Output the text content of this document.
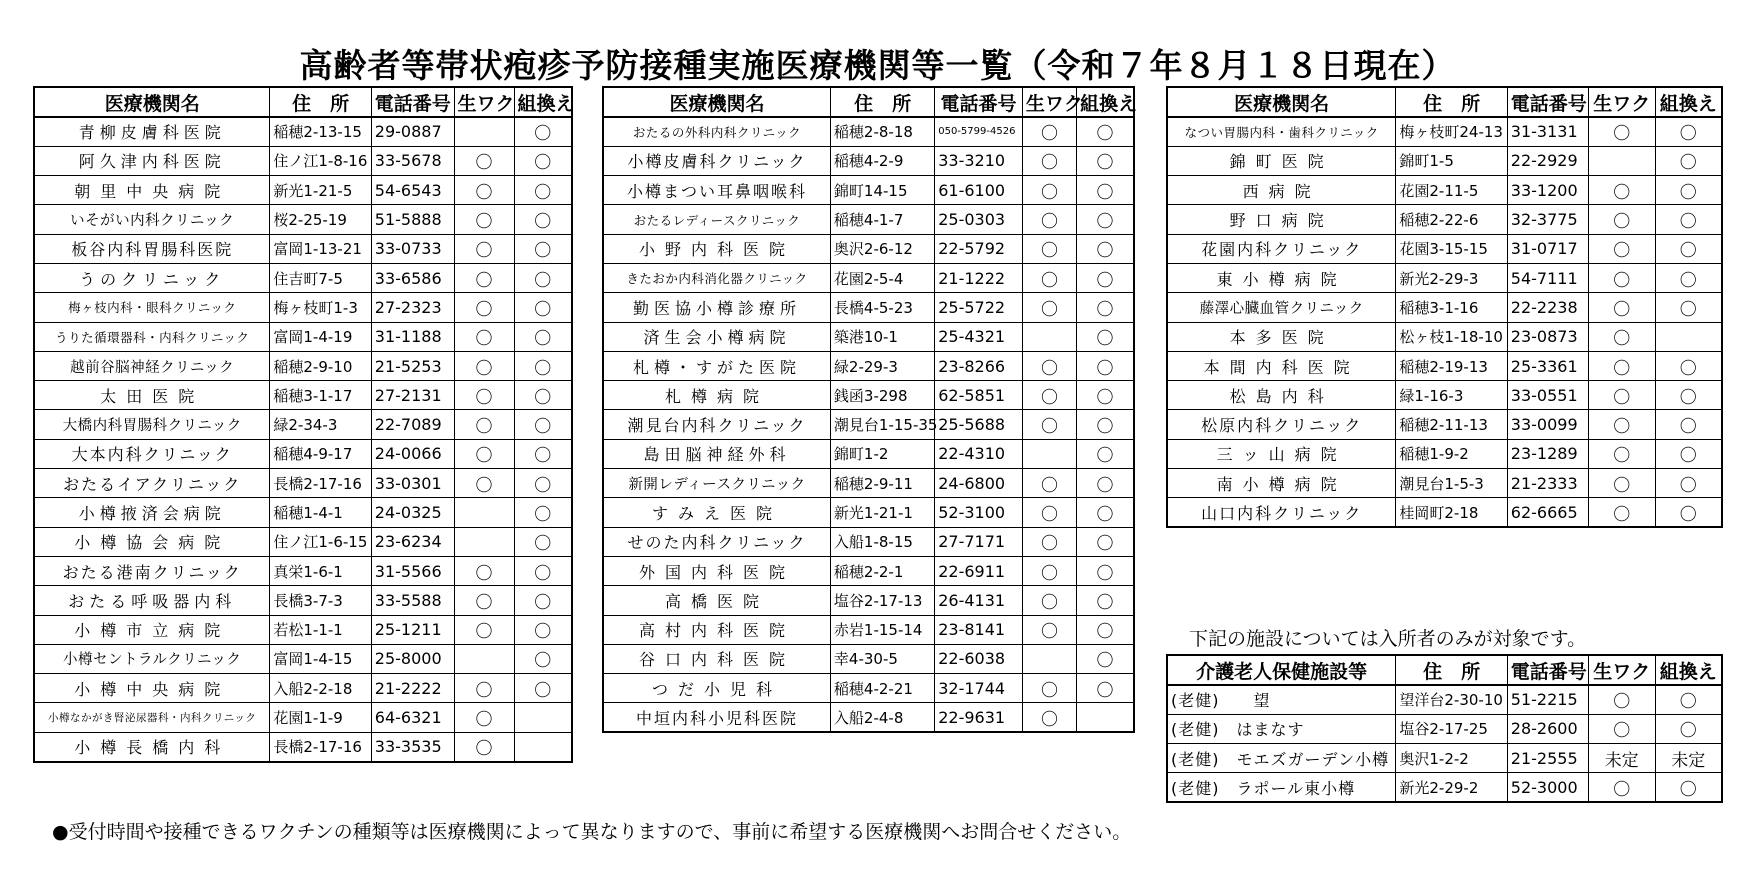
高齢者等帯状疱疹予防接種実施医療機関等一覧（令和７年８月１８日現在）
医療機関名	住　所	電話番号	生ワク	組換え
青柳皮膚科医院	稲穂2-13-15	29-0887		〇
阿久津内科医院	住ノ江1-8-16	33-5678	〇	〇
朝里中央病院	新光1-21-5	54-6543	〇	〇
いそがい内科クリニック	桜2-25-19	51-5888	〇	〇
板谷内科胃腸科医院	富岡1-13-21	33-0733	〇	〇
うのクリニック	住吉町7-5	33-6586	〇	〇
梅ヶ枝内科・眼科クリニック	梅ヶ枝町1-3	27-2323	〇	〇
うりた循環器科・内科クリニック	富岡1-4-19	31-1188	〇	〇
越前谷脳神経クリニック	稲穂2-9-10	21-5253	〇	〇
太田医院	稲穂3-1-17	27-2131	〇	〇
大橋内科胃腸科クリニック	緑2-34-3	22-7089	〇	〇
大本内科クリニック	稲穂4-9-17	24-0066	〇	〇
おたるイアクリニック	長橋2-17-16	33-0301	〇	〇
小樽掖済会病院	稲穂1-4-1	24-0325		〇
小樽協会病院	住ノ江1-6-15	23-6234		〇
おたる港南クリニック	真栄1-6-1	31-5566	〇	〇
おたる呼吸器内科	長橋3-7-3	33-5588	〇	〇
小樽市立病院	若松1-1-1	25-1211	〇	〇
小樽セントラルクリニック	富岡1-4-15	25-8000		〇
小樽中央病院	入船2-2-18	21-2222	〇	〇
小樽なかがき腎泌尿器科・内科クリニック	花園1-1-9	64-6321	〇	
小樽長橋内科	長橋2-17-16	33-3535	〇	
医療機関名	住　所	電話番号	生ワク	組換え
おたるの外科内科クリニック	稲穂2-8-18	050-5799-4526	〇	〇
小樽皮膚科クリニック	稲穂4-2-9	33-3210	〇	〇
小樽まつい耳鼻咽喉科	錦町14-15	61-6100	〇	〇
おたるレディースクリニック	稲穂4-1-7	25-0303	〇	〇
小野内科医院	奥沢2-6-12	22-5792	〇	〇
きたおか内科消化器クリニック	花園2-5-4	21-1222	〇	〇
勤医協小樽診療所	長橋4-5-23	25-5722	〇	〇
済生会小樽病院	築港10-1	25-4321		〇
札樽・すがた医院	緑2-29-3	23-8266	〇	〇
札樽病院	銭函3-298	62-5851	〇	〇
潮見台内科クリニック	潮見台1-15-35	25-5688	〇	〇
島田脳神経外科	錦町1-2	22-4310		〇
新開レディースクリニック	稲穂2-9-11	24-6800	〇	〇
すみえ医院	新光1-21-1	52-3100	〇	〇
せのた内科クリニック	入船1-8-15	27-7171	〇	〇
外国内科医院	稲穂2-2-1	22-6911	〇	〇
高橋医院	塩谷2-17-13	26-4131	〇	〇
高村内科医院	赤岩1-15-14	23-8141	〇	〇
谷口内科医院	幸4-30-5	22-6038		〇
つだ小児科	稲穂4-2-21	32-1744	〇	〇
中垣内科小児科医院	入船2-4-8	22-9631	〇	
医療機関名	住　所	電話番号	生ワク	組換え
なつい胃腸内科・歯科クリニック	梅ヶ枝町24-13	31-3131	〇	〇
錦町医院	錦町1-5	22-2929		〇
西病院	花園2-11-5	33-1200	〇	〇
野口病院	稲穂2-22-6	32-3775	〇	〇
花園内科クリニック	花園3-15-15	31-0717	〇	〇
東小樽病院	新光2-29-3	54-7111	〇	〇
藤澤心臓血管クリニック	稲穂3-1-16	22-2238	〇	〇
本多医院	松ヶ枝1-18-10	23-0873	〇	
本間内科医院	稲穂2-19-13	25-3361	〇	〇
松島内科	緑1-16-3	33-0551	〇	〇
松原内科クリニック	稲穂2-11-13	33-0099	〇	〇
三ッ山病院	稲穂1-9-2	23-1289	〇	〇
南小樽病院	潮見台1-5-3	21-2333	〇	〇
山口内科クリニック	桂岡町2-18	62-6665	〇	〇
下記の施設については入所者のみが対象です。
介護老人保健施設等	住　所	電話番号	生ワク	組換え
(老健)　　望	望洋台2-30-10	51-2215	〇	〇
(老健)　はまなす	塩谷2-17-25	28-2600	〇	〇
(老健)　モエズガーデン小樽	奥沢1-2-2	21-2555	未定	未定
(老健)　ラポール東小樽	新光2-29-2	52-3000	〇	〇
●受付時間や接種できるワクチンの種類等は医療機関によって異なりますので、事前に希望する医療機関へお問合せください。
